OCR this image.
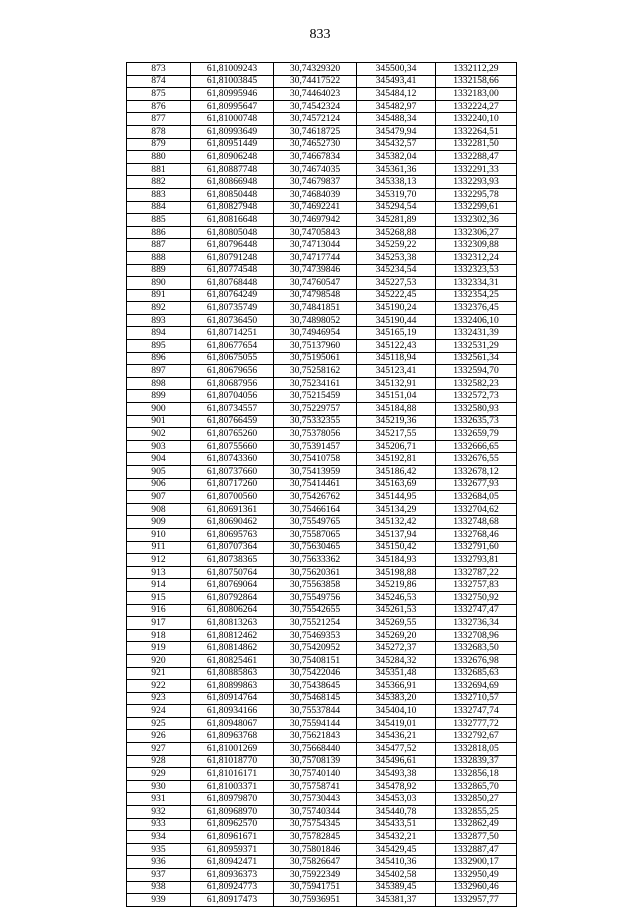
833
873	61,81009243	30,74329320	345500,34	1332112,29
874	61,81003845	30,74417522	345493,41	1332158,66
875	61,80995946	30,74464023	345484,12	1332183,00
876	61,80995647	30,74542324	345482,97	1332224,27
877	61,81000748	30,74572124	345488,34	1332240,10
878	61,80993649	30,74618725	345479,94	1332264,51
879	61,80951449	30,74652730	345432,57	1332281,50
880	61,80906248	30,74667834	345382,04	1332288,47
881	61,80887748	30,74674035	345361,36	1332291,33
882	61,80866948	30,74679837	345338,13	1332293,93
883	61,80850448	30,74684039	345319,70	1332295,78
884	61,80827948	30,74692241	345294,54	1332299,61
885	61,80816648	30,74697942	345281,89	1332302,36
886	61,80805048	30,74705843	345268,88	1332306,27
887	61,80796448	30,74713044	345259,22	1332309,88
888	61,80791248	30,74717744	345253,38	1332312,24
889	61,80774548	30,74739846	345234,54	1332323,53
890	61,80768448	30,74760547	345227,53	1332334,31
891	61,80764249	30,74798548	345222,45	1332354,25
892	61,80735749	30,74841851	345190,24	1332376,45
893	61,80736450	30,74898052	345190,44	1332406,10
894	61,80714251	30,74946954	345165,19	1332431,39
895	61,80677654	30,75137960	345122,43	1332531,29
896	61,80675055	30,75195061	345118,94	1332561,34
897	61,80679656	30,75258162	345123,41	1332594,70
898	61,80687956	30,75234161	345132,91	1332582,23
899	61,80704056	30,75215459	345151,04	1332572,73
900	61,80734557	30,75229757	345184,88	1332580,93
901	61,80766459	30,75332355	345219,36	1332635,73
902	61,80765260	30,75378056	345217,55	1332659,79
903	61,80755660	30,75391457	345206,71	1332666,65
904	61,80743360	30,75410758	345192,81	1332676,55
905	61,80737660	30,75413959	345186,42	1332678,12
906	61,80717260	30,75414461	345163,69	1332677,93
907	61,80700560	30,75426762	345144,95	1332684,05
908	61,80691361	30,75466164	345134,29	1332704,62
909	61,80690462	30,75549765	345132,42	1332748,68
910	61,80695763	30,75587065	345137,94	1332768,46
911	61,80707364	30,75630465	345150,42	1332791,60
912	61,80738365	30,75633362	345184,93	1332793,81
913	61,80750764	30,75620361	345198,88	1332787,22
914	61,80769064	30,75563858	345219,86	1332757,83
915	61,80792864	30,75549756	345246,53	1332750,92
916	61,80806264	30,75542655	345261,53	1332747,47
917	61,80813263	30,75521254	345269,55	1332736,34
918	61,80812462	30,75469353	345269,20	1332708,96
919	61,80814862	30,75420952	345272,37	1332683,50
920	61,80825461	30,75408151	345284,32	1332676,98
921	61,80885863	30,75422046	345351,48	1332685,63
922	61,80899863	30,75438645	345366,91	1332694,69
923	61,80914764	30,75468145	345383,20	1332710,57
924	61,80934166	30,75537844	345404,10	1332747,74
925	61,80948067	30,75594144	345419,01	1332777,72
926	61,80963768	30,75621843	345436,21	1332792,67
927	61,81001269	30,75668440	345477,52	1332818,05
928	61,81018770	30,75708139	345496,61	1332839,37
929	61,81016171	30,75740140	345493,38	1332856,18
930	61,81003371	30,75758741	345478,92	1332865,70
931	61,80979870	30,75730443	345453,03	1332850,27
932	61,80968970	30,75740344	345440,78	1332855,25
933	61,80962570	30,75754345	345433,51	1332862,49
934	61,80961671	30,75782845	345432,21	1332877,50
935	61,80959371	30,75801846	345429,45	1332887,47
936	61,80942471	30,75826647	345410,36	1332900,17
937	61,80936373	30,75922349	345402,58	1332950,49
938	61,80924773	30,75941751	345389,45	1332960,46
939	61,80917473	30,75936951	345381,37	1332957,77
